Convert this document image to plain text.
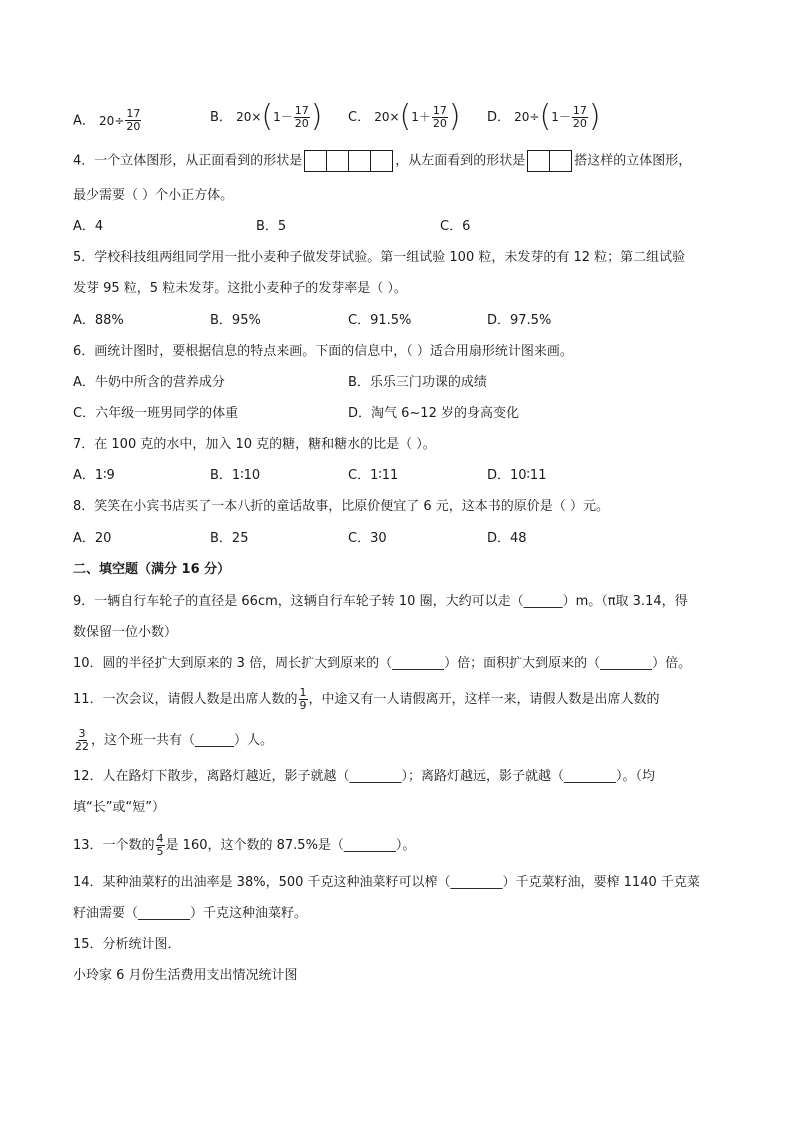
A． $20\div \frac{17}{20}$	B． 20× ( $1- \frac{17}{20}$ ) C． 20× ( $1+ \frac{17}{20}$ ) D． 20÷ ( $1- \frac{17}{20}$ )
4．一个立体图形，从正面看到的形状是	，从左面看到的形状是	搭这样的立体图形，
最少需要（ ）个小正方体。
A．4	B．5	C．6
5．学校科技组两组同学用一批小麦种子做发芽试验。第一组试验 100 粒，未发芽的有 12 粒；第二组试验
发芽 95 粒，5 粒未发芽。这批小麦种子的发芽率是（ ）。
A．88%	B．95%	C．91.5%	D．97.5%
6．画统计图时，要根据信息的特点来画。下面的信息中，（ ）适合用扇形统计图来画。
A．牛奶中所含的营养成分	B．乐乐三门功课的成绩
C．六年级一班男同学的体重	D．淘气 6~12 岁的身高变化
7．在 100 克的水中，加入 10 克的糖，糖和糖水的比是（ ）。
A．1∶9	B．1∶10	C．1∶11	D．10∶11
8．笑笑在小宾书店买了一本八折的童话故事，比原价便宜了 6 元，这本书的原价是（ ）元。
A．20	B．25	C．30	D．48
二、填空题（满分 16 分）
9．一辆自行车轮子的直径是 66cm，这辆自行车轮子转 10 圈，大约可以走（______）m。（π取 3.14，得
数保留一位小数）
10．圆的半径扩大到原来的 3 倍，周长扩大到原来的（________）倍；面积扩大到原来的（________）倍。
11．一次会议，请假人数是出席人数的 $\frac{1}{9}$ ，中途又有一人请假离开，这样一来，请假人数是出席人数的
$\frac{3}{22}$ ，这个班一共有（______）人。
12．人在路灯下散步，离路灯越近，影子就越（________）；离路灯越远，影子就越（________）。（均
填“长”或“短”）
13．一个数的 $\frac{4}{5}$ 是 160，这个数的 87.5%是（________）。
14．某种油菜籽的出油率是 38%，500 千克这种油菜籽可以榨（________）千克菜籽油，要榨 1140 千克菜
籽油需要（________）千克这种油菜籽。
15．分析统计图．
小玲家 6 月份生活费用支出情况统计图
